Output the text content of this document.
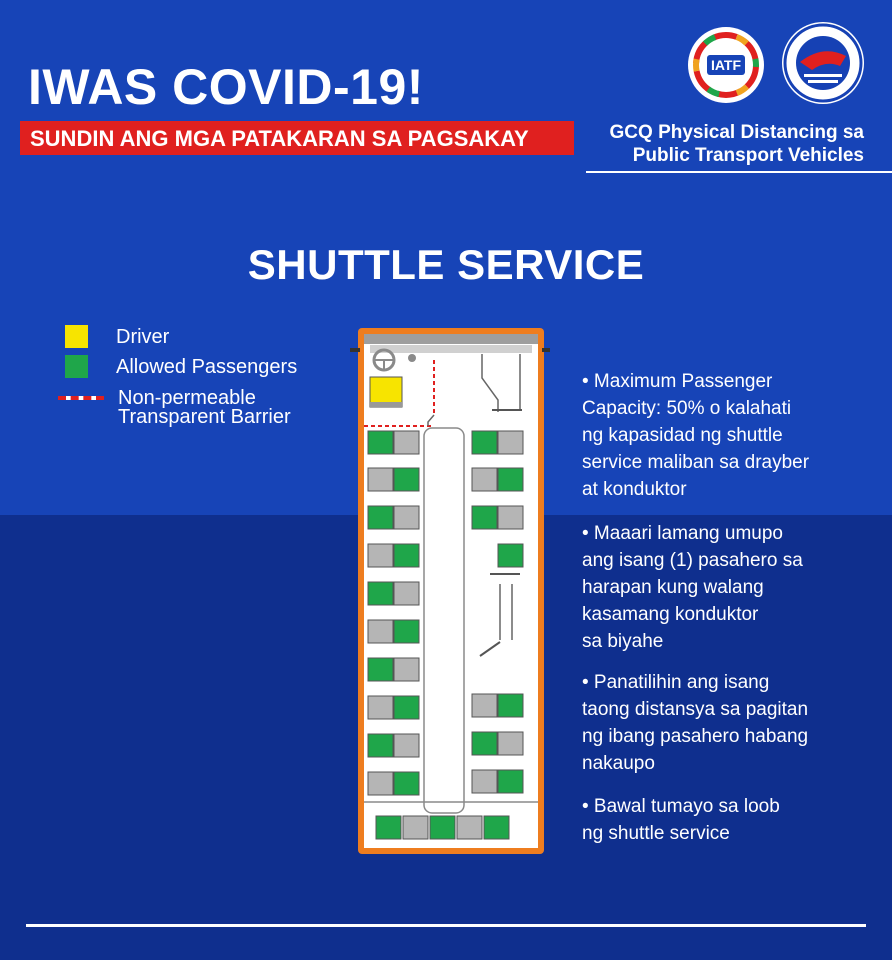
IWAS COVID-19!
SUNDIN ANG MGA PATAKARAN SA PAGSAKAY
IATF
GCQ Physical Distancing sa
Public Transport Vehicles
SHUTTLE SERVICE
Driver
Allowed Passengers
Non-permeable
Transparent Barrier
• Maximum Passenger
Capacity: 50% o kalahati
ng kapasidad ng shuttle
service maliban sa drayber
at konduktor
• Maaari lamang umupo
ang isang (1) pasahero sa
harapan kung walang
kasamang konduktor
sa biyahe
• Panatilihin ang isang
taong distansya sa pagitan
ng ibang pasahero habang
nakaupo
• Bawal tumayo sa loob
ng shuttle service
